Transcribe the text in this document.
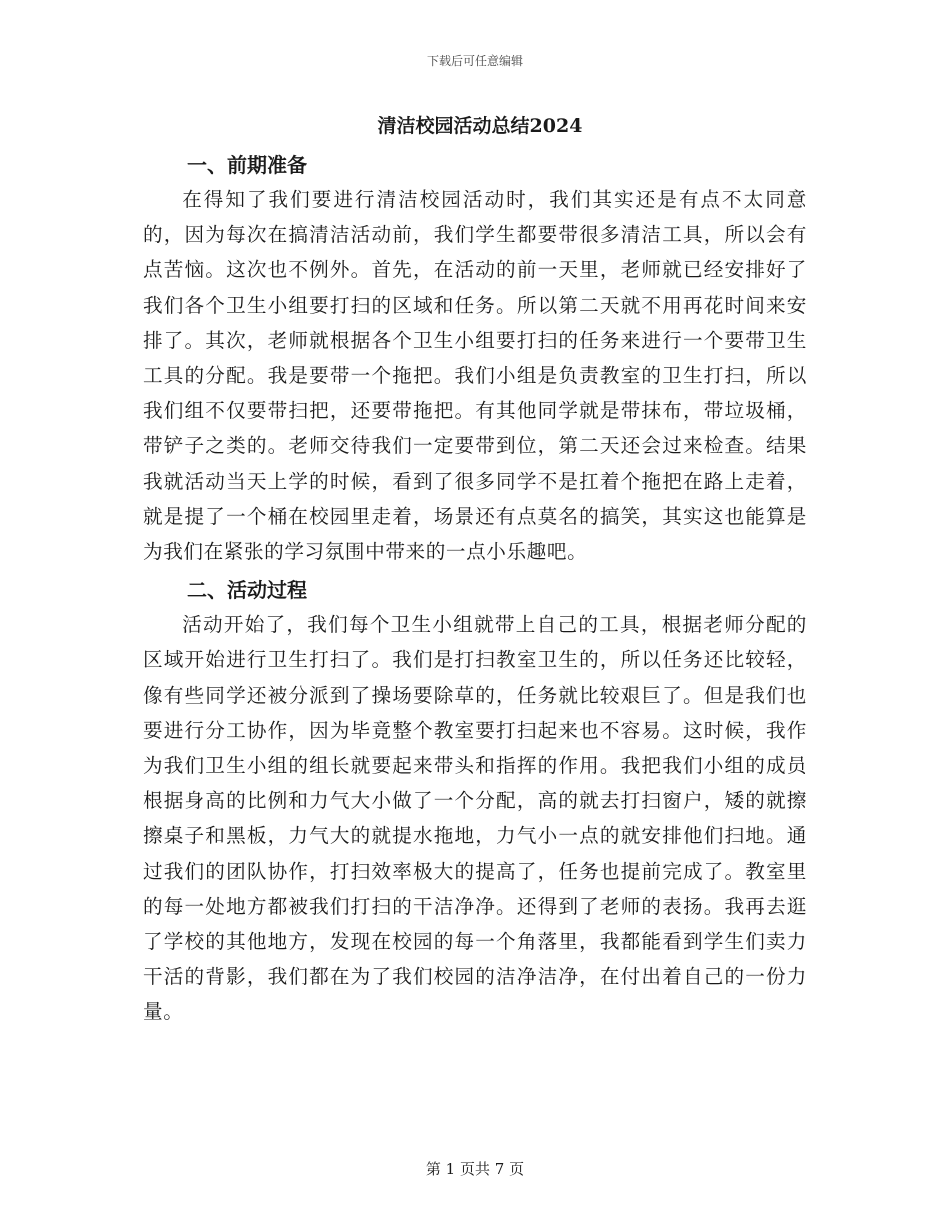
下载后可任意编辑
清洁校园活动总结2024
一、前期准备

在得知了我们要进行清洁校园活动时，我们其实还是有点不太同意的，因为每次在搞清洁活动前，我们学生都要带很多清洁工具，所以会有点苦恼。这次也不例外。首先，在活动的前一天里，老师就已经安排好了我们各个卫生小组要打扫的区域和任务。所以第二天就不用再花时间来安排了。其次，老师就根据各个卫生小组要打扫的任务来进行一个要带卫生工具的分配。我是要带一个拖把。我们小组是负责教室的卫生打扫，所以我们组不仅要带扫把，还要带拖把。有其他同学就是带抹布，带垃圾桶，带铲子之类的。老师交待我们一定要带到位，第二天还会过来检查。结果我就活动当天上学的时候，看到了很多同学不是扛着个拖把在路上走着，就是提了一个桶在校园里走着，场景还有点莫名的搞笑，其实这也能算是为我们在紧张的学习氛围中带来的一点小乐趣吧。

二、活动过程

活动开始了，我们每个卫生小组就带上自己的工具，根据老师分配的区域开始进行卫生打扫了。我们是打扫教室卫生的，所以任务还比较轻，像有些同学还被分派到了操场要除草的，任务就比较艰巨了。但是我们也要进行分工协作，因为毕竟整个教室要打扫起来也不容易。这时候，我作为我们卫生小组的组长就要起来带头和指挥的作用。我把我们小组的成员根据身高的比例和力气大小做了一个分配，高的就去打扫窗户，矮的就擦擦桌子和黑板，力气大的就提水拖地，力气小一点的就安排他们扫地。通过我们的团队协作，打扫效率极大的提高了，任务也提前完成了。教室里的每一处地方都被我们打扫的干洁净净。还得到了老师的表扬。我再去逛了学校的其他地方，发现在校园的每一个角落里，我都能看到学生们卖力干活的背影，我们都在为了我们校园的洁净洁净，在付出着自己的一份力量。

第 1 页共 7 页
